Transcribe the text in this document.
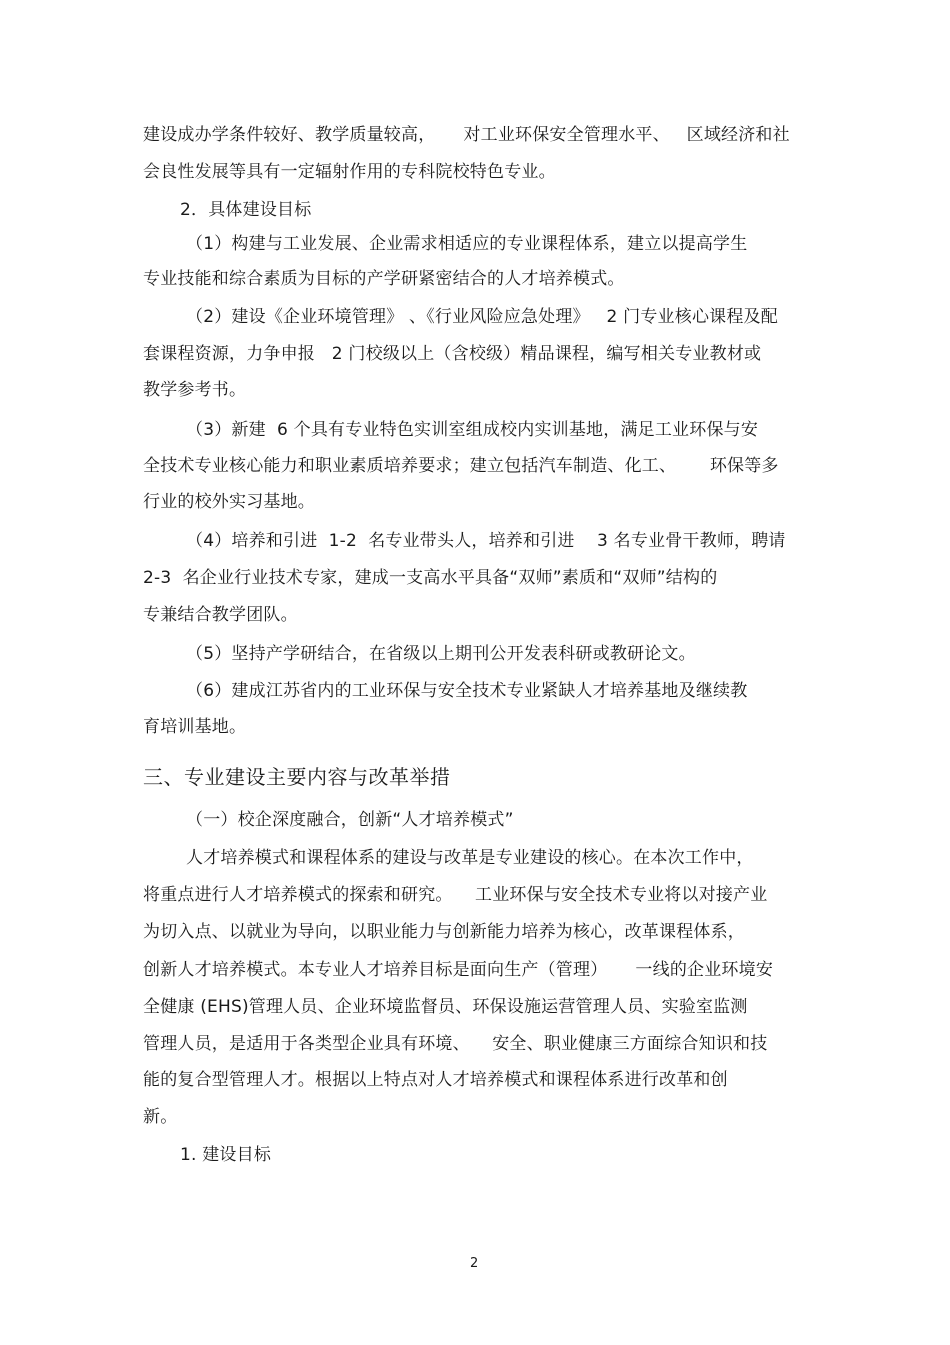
建设成办学条件较好、教学质量较高，     对工业环保安全管理水平、   区域经济和社
会良性发展等具有一定辐射作用的专科院校特色专业。
2．具体建设目标
（1）构建与工业发展、企业需求相适应的专业课程体系，建立以提高学生
专业技能和综合素质为目标的产学研紧密结合的人才培养模式。
（2）建设《企业环境管理》 、《行业风险应急处理》   2 门专业核心课程及配
套课程资源，力争申报   2 门校级以上（含校级）精品课程，编写相关专业教材或
教学参考书。
（3）新建  6 个具有专业特色实训室组成校内实训基地，满足工业环保与安
全技术专业核心能力和职业素质培养要求；建立包括汽车制造、化工、      环保等多
行业的校外实习基地。
（4）培养和引进  1-2  名专业带头人，培养和引进    3 名专业骨干教师，聘请
2-3  名企业行业技术专家，建成一支高水平具备“双师”素质和“双师”结构的
专兼结合教学团队。
（5）坚持产学研结合，在省级以上期刊公开发表科研或教研论文。
（6）建成江苏省内的工业环保与安全技术专业紧缺人才培养基地及继续教
育培训基地。
三、专业建设主要内容与改革举措
（一）校企深度融合，创新“人才培养模式”
人才培养模式和课程体系的建设与改革是专业建设的核心。在本次工作中，
将重点进行人才培养模式的探索和研究。    工业环保与安全技术专业将以对接产业
为切入点、以就业为导向，以职业能力与创新能力培养为核心，改革课程体系，
创新人才培养模式。本专业人才培养目标是面向生产（管理）     一线的企业环境安
全健康 (EHS)管理人员、企业环境监督员、环保设施运营管理人员、实验室监测
管理人员，是适用于各类型企业具有环境、    安全、职业健康三方面综合知识和技
能的复合型管理人才。根据以上特点对人才培养模式和课程体系进行改革和创
新。
1. 建设目标
2
